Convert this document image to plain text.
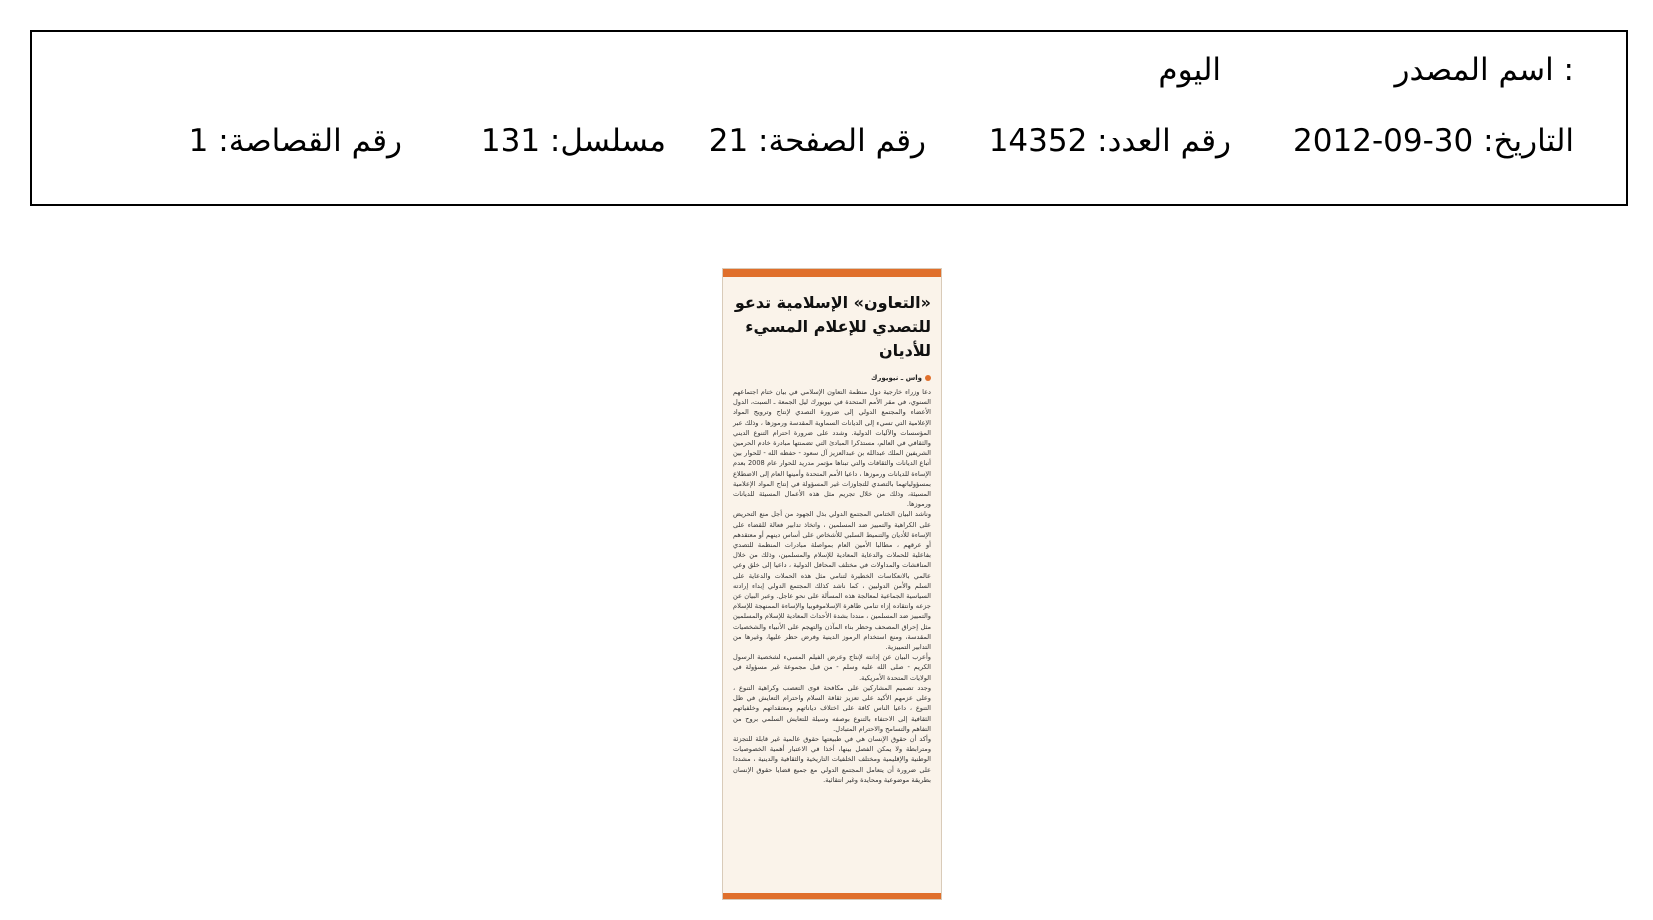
اسم المصدر :
اليوم
التاريخ: 30-09-2012
رقم العدد: 14352
رقم الصفحة: 21
مسلسل: 131
رقم القصاصة: 1
«التعاون» الإسلامية تدعو
للتصدي للإعلام المسيء للأديان
واس ـ نيويورك

دعا وزراء خارجية دول منظمة التعاون الإسلامي في بيان ختام اجتماعهم السنوي، في مقر الأمم المتحدة في نيويورك ليل الجمعة ـ السبت، الدول الأعضاء والمجتمع الدولي إلى ضرورة التصدي لإنتاج وترويج المواد الإعلامية التي تسيء إلى الديانات السماوية المقدسة ورموزها ، وذلك عبر المؤسسات والآليات الدولية. وشدد على ضرورة احترام التنوع الديني والثقافي في العالم، مستذكرا المبادئ التي تضمنتها مبادرة خادم الحرمين الشريفين الملك عبدالله بن عبدالعزيز آل سعود - حفظه الله - للحوار بين أتباع الديانات والثقافات والتي تبناها مؤتمر مدريد للحوار عام 2008 بعدم الإساءة للديانات ورموزها ، داعيا الأمم المتحدة وأمينها العام إلى الاضطلاع بمسؤولياتهما بالتصدي للتجاوزات غير المسؤولة في إنتاج المواد الإعلامية المسيئة، وذلك من خلال تجريم مثل هذه الأعمال المسيئة للديانات ورموزها.

وناشد البيان الختامي المجتمع الدولي بذل الجهود من أجل منع التحريض على الكراهية والتمييز ضد المسلمين ، واتخاذ تدابير فعالة للقضاء على الإساءة للأديان والتنميط السلبي للأشخاص على أساس دينهم أو معتقدهم أو عرقهم ، مطالبا الأمين العام بمواصلة مبادرات المنظمة للتصدي بفاعلية للحملات والدعاية المعادية للإسلام والمسلمين، وذلك من خلال المناقشات والمداولات في مختلف المحافل الدولية ، داعيا إلى خلق وعي عالمي بالانعكاسات الخطيرة لتنامي مثل هذه الحملات والدعاية على السلم والأمن الدوليين ، كما ناشد كذلك المجتمع الدولي إبداء إرادته السياسية الجماعية لمعالجة هذه المسألة على نحو عاجل. وعبر البيان عن جزعه وانتقاده إزاء تنامي ظاهرة الإسلاموفوبيا والإساءة الممنهجة للإسلام والتمييز ضد المسلمين ، منددا بشدة الأحداث المعادية للإسلام والمسلمين مثل إحراق المصحف وحظر بناء المآذن والتهجم على الأنبياء والشخصيات المقدسة، ومنع استخدام الرموز الدينية وفرض حظر عليها، وغيرها من التدابير التمييزية.

وأعرب البيان عن إدانته لإنتاج وعرض الفيلم المسيء لشخصية الرسول الكريم - صلى الله عليه وسلم - من قبل مجموعة غير مسؤولة في الولايات المتحدة الأمريكية.

وجدد تصميم المشاركين على مكافحة قوى التعصب وكراهية التنوع ، وعلى عزمهم الأكيد على تعزيز ثقافة السلام واحترام التعايش في ظل التنوع ، داعيا الناس كافة على اختلاف دياناتهم ومعتقداتهم وخلفياتهم الثقافية إلى الاحتفاء بالتنوع بوصفه وسيلة للتعايش السلمي بروح من التفاهم والتسامح والاحترام المتبادل.

وأكد أن حقوق الإنسان هي في طبيعتها حقوق عالمية غير قابلة للتجزئة ومترابطة ولا يمكن الفصل بينها، أخذا في الاعتبار أهمية الخصوصيات الوطنية والإقليمية ومختلف الخلفيات التاريخية والثقافية والدينية ، مشددا على ضرورة أن يتعامل المجتمع الدولي مع جميع قضايا حقوق الإنسان بطريقة موضوعية ومحايدة وغير انتقائية.
